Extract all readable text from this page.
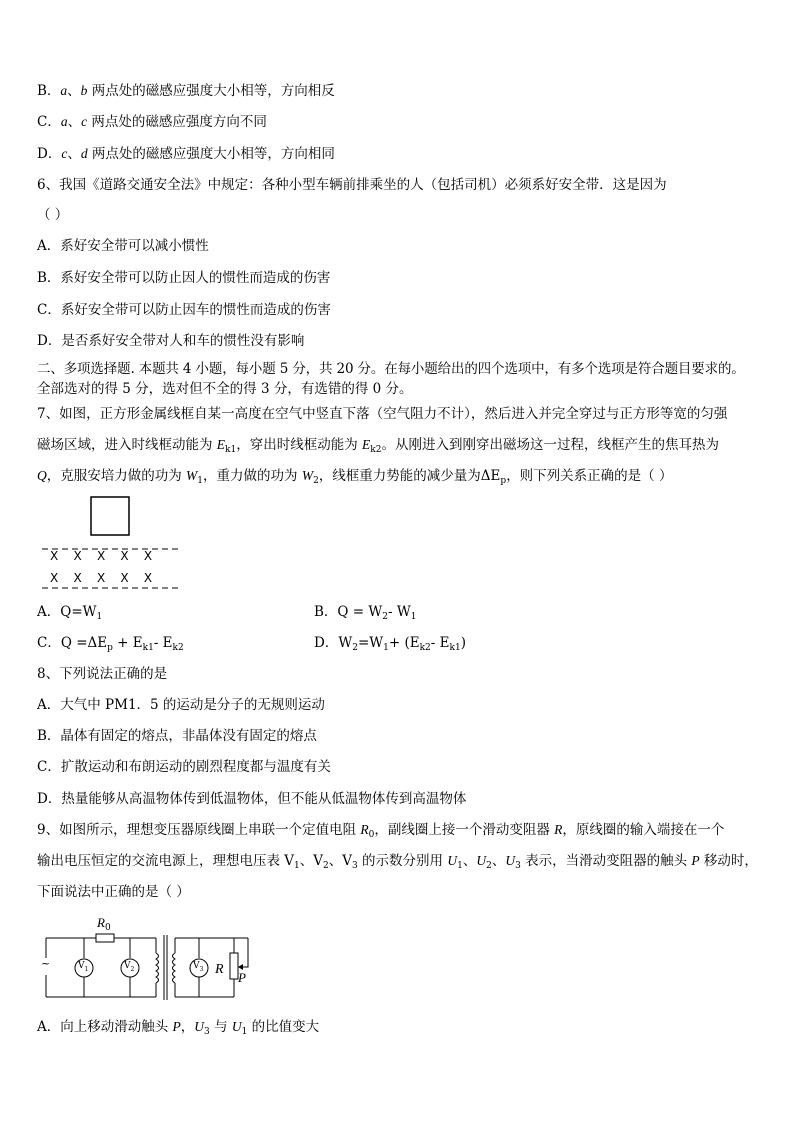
B．a、b 两点处的磁感应强度大小相等，方向相反
C．a、c 两点处的磁感应强度方向不同
D．c、d 两点处的磁感应强度大小相等，方向相同
6、我国《道路交通安全法》中规定：各种小型车辆前排乘坐的人（包括司机）必须系好安全带．这是因为
（ ）
A．系好安全带可以减小惯性
B．系好安全带可以防止因人的惯性而造成的伤害
C．系好安全带可以防止因车的惯性而造成的伤害
D．是否系好安全带对人和车的惯性没有影响
二、多项选择题. 本题共 4 小题，每小题 5 分，共 20 分。在每小题给出的四个选项中，有多个选项是符合题目要求的。
全部选对的得 5 分，选对但不全的得 3 分，有选错的得 0 分。
7、如图，正方形金属线框自某一高度在空气中竖直下落（空气阻力不计），然后进入并完全穿过与正方形等宽的匀强
磁场区域，进入时线框动能为 $E_{k1}$，穿出时线框动能为 $E_{k2}$。从刚进入到刚穿出磁场这一过程，线框产生的焦耳热为
Q，克服安培力做的功为 $W_1$，重力做的功为 $W_2$，线框重力势能的减少量为$\Delta E_p$，则下列关系正确的是（ ）
X    X    X    X    X
X    X    X    X    X
A．$Q=W_1$	B．$Q = W_2-$ $W_1$
C．$Q =\Delta E_p + E_{k1}-$ $E_{k2}$	D．$W_2=W_1+ (E_{k2}-$ $E_{k1}$)
8、下列说法正确的是
A．大气中 PM1．5 的运动是分子的无规则运动
B．晶体有固定的熔点，非晶体没有固定的熔点
C．扩散运动和布朗运动的剧烈程度都与温度有关
D．热量能够从高温物体传到低温物体，但不能从低温物体传到高温物体
9、如图所示，理想变压器原线圈上串联一个定值电阻 $R_0$，副线圈上接一个滑动变阻器 R，原线圈的输入端接在一个
输出电压恒定的交流电源上，理想电压表 $V_1$、$V_2$、$V_3$ 的示数分别用 $U_1$、$U_2$、$U_3$ 表示，当滑动变阻器的触头 P 移动时，
下面说法中正确的是（ ）
$R_0$
$V_1$	$V_2$	$V_3$ R
P
~
A．向上移动滑动触头 P，$U_3$ 与 $U_1$ 的比值变大
